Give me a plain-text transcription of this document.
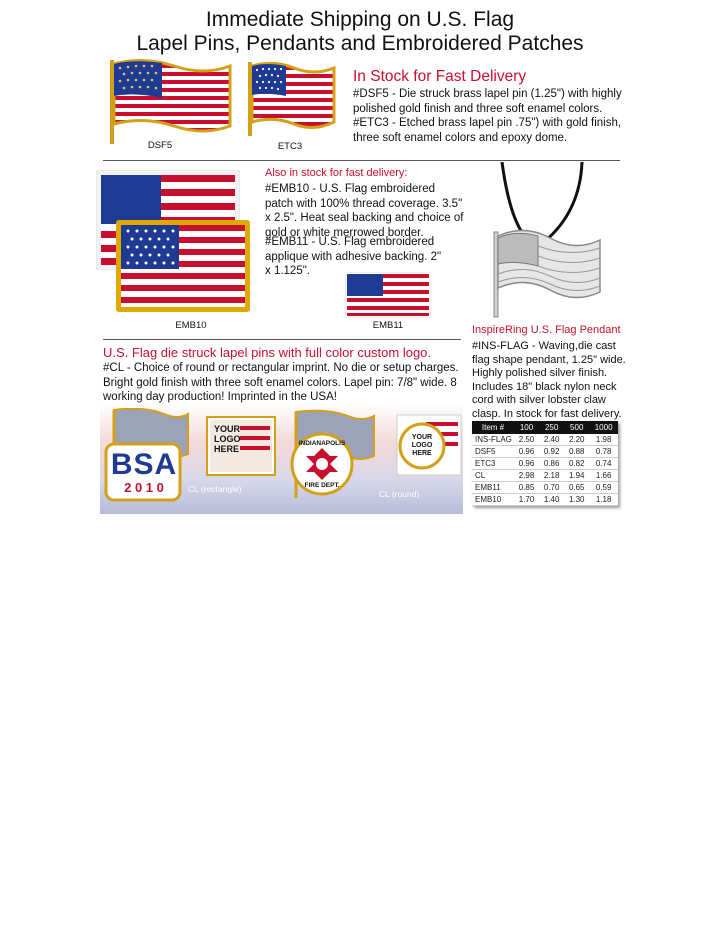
Immediate Shipping on U.S. Flag
Lapel Pins, Pendants and Embroidered Patches
DSF5	ETC3
In Stock for Fast Delivery
#DSF5 - Die struck brass lapel pin (1.25") with highly polished gold finish and three soft enamel colors.
#ETC3 - Etched brass lapel pin .75") with gold finish, three soft enamel colors and epoxy dome.
EMB10	EMB11
Also in stock for fast delivery:
#EMB10 - U.S. Flag embroidered patch with 100% thread coverage. 3.5" x 2.5". Heat seal backing and choice of gold or white merrowed border.
#EMB11 - U.S. Flag embroidered applique with adhesive backing. 2" x 1.125".
InspireRing U.S. Flag Pendant
#INS-FLAG - Waving,die cast flag shape pendant, 1.25" wide. Highly polished silver finish. Includes 18" black nylon neck cord with silver lobster claw clasp. In stock for fast delivery.
U.S. Flag die struck lapel pins with full color custom logo.
#CL - Choice of round or rectangular imprint. No die or setup charges. Bright gold finish with three soft enamel colors. Lapel pin: 7/8" wide. 8 working day production! Imprinted in the USA!
BSA
2 0 1 0
YOUR LOGO HERE
CL (rectangle)
INDIANAPOLIS
FIRE DEPT.
YOUR LOGO HERE
CL (round)
Item #	100	250	500	1000
INS-FLAG	2.50	2.40	2.20	1.98
DSF5	0.96	0.92	0.88	0.78
ETC3	0.96	0.86	0.82	0.74
CL	2.98	2.18	1.94	1.66
EMB11	0.85	0.70	0.65	0.59
EMB10	1.70	1.40	1.30	1.18
